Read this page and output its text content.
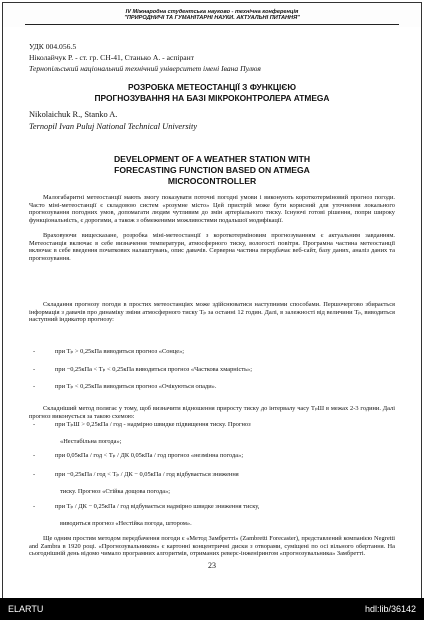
IV Міжнародна студентська науково - технічна конференція
"ПРИРОДНИЧІ ТА ГУМАНІТАРНІ НАУКИ. АКТУАЛЬНІ ПИТАННЯ"
УДК 004.056.5
Ніколайчук Р. - ст. гр. СН-41, Станько А. - аспірант
Тернопільський національний технічний університет імені Івана Пулюя
РОЗРОБКА МЕТЕОСТАНЦІЇ З ФУНКЦІЄЮ
ПРОГНОЗУВАННЯ НА БАЗІ МІКРОКОНТРОЛЕРА ATMEGA
Nikolaichuk R., Stanko A.
Ternopil Ivan Puluj National Technical University
DEVELOPMENT OF A WEATHER STATION WITH
FORECASTING FUNCTION BASED ON ATMEGA
MICROCONTROLLER
Малогабаритні метеостанції мають змогу показувати поточні погодні умови і виконують короткотерміновий прогноз погоди. Часто міні-метеостанції є складовою систем «розумне місто» Цей пристрій може бути корисний для уточнення локального прогнозування погодних умов, допомагати людям чутливим до змін артеріального тиску. Існуючі готові рішення, попри широку функціональність, є дорогими, а також з обмеженими можливостями подальшої модифікації.
Враховуючи вищесказане, розробка міні-метеостанції з короткотерміновим прогнозуванням є актуальним завданням. Метеостанція включає в себе визначення температури, атмосферного тиску, вологості повітря. Програмна частина метеостанції включає в себе введення початкових налаштувань, опис давачів. Серверна частина передбачає веб-сайт, базу даних, аналіз даних та прогнозування.
Складання прогнозу погоди в простих метеостанціях може здійснюватися наступними способами. Першочергово збирається інформація з давачів про динаміку зміни атмосферного тиску Tₚ за останні 12 годин. Далі, в залежності від величини Tₚ, виводиться наступний індикатор прогнозу:
-	при Tₚ > 0,25кПа виводиться прогноз «Сонце»;
-	при −0,25кПа < Tₚ < 0,25кПа виводиться прогноз «Часткова хмарність»;
-	при Tₚ < 0,25кПа виводиться прогноз «Очікуються опади».
Складніший метод полягає у тому, щоб визначити відношення приросту тиску до інтервалу часу TₚШ в межах 2-3 години. Далі прогноз виконується за такою схемою:
-	при TₚШ > 0,25кПа / год - надмірно швидке підвищення тиску. Прогноз
«Нестабільна погода»;
-	при 0,05кПа / год < Tₚ / ДК 0,05кПа / год прогноз «незмінна погода»;
-	при −0,25кПа / год < Tₚ / ДК − 0,05кПа / год відбувається зниження
тиску. Прогноз «Стійка дощова погода»;
-	при Tₚ / ДК − 0,25кПа / год відбувається надмірно швидке зниження тиску,
виводиться прогноз «Нестійка погода, штором».
Ще одним простим методом передбачення погоди є «Метод Замбретті» (Zambretti Forecaster), представлений компанією Negretti and Zambra в 1920 році. «Прогнозувальником» є картонні концентричні диски з отворами, суміщені по осі вільного обертання. На сьогоднішній день відомо чимало програмних алгоритмів, отриманих реверс-інженірингом «прогнозувальника» Замбретті.
23
ELARTU	hdl:lib/36142
